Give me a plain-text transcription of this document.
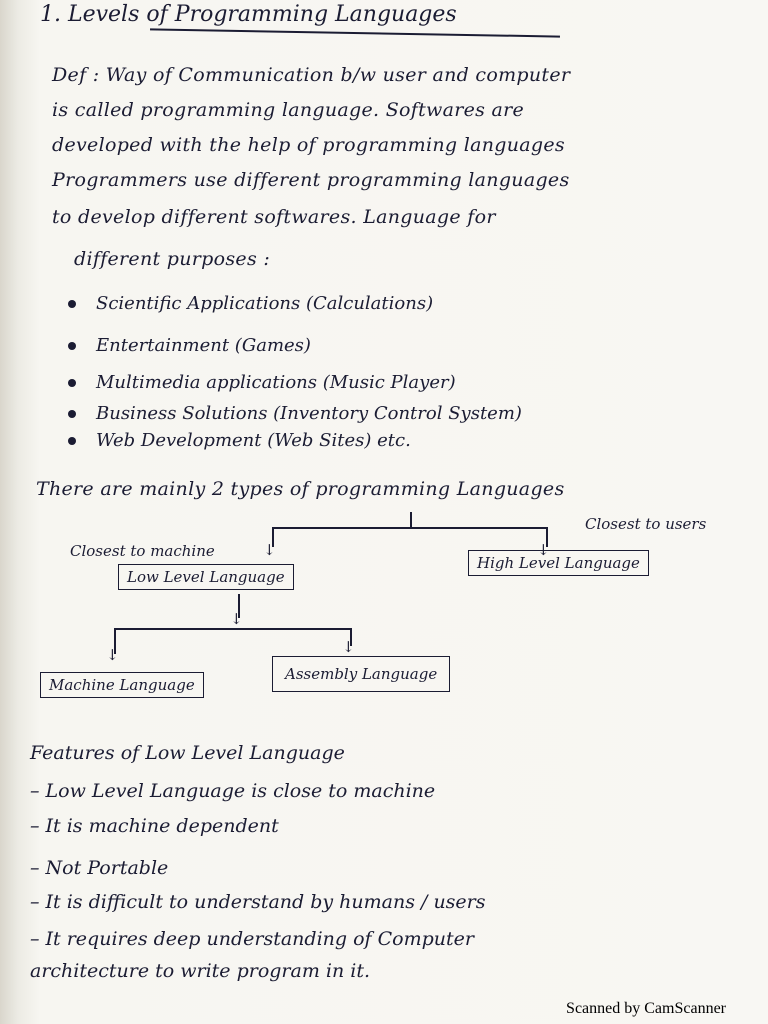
1. Levels of Programming Languages
Def : Way of Communication b/w user and computer
is called programming language. Softwares are
developed with the help of programming languages
Programmers use different programming languages
to develop different softwares. Language for
different purposes :
Scientific Applications (Calculations)
Entertainment (Games)
Multimedia applications (Music Player)
Business Solutions (Inventory Control System)
Web Development (Web Sites) etc.
There are mainly 2 types of programming Languages
↓	↓
Closest to machine
Closest to users
Low Level Language
High Level Language
↓
↓	↓
Machine Language
Assembly Language
Features of Low Level Language
– Low Level Language is close to machine
– It is machine dependent
– Not Portable
– It is difficult to understand by humans / users
– It requires deep understanding of Computer
architecture to write program in it.
Scanned by CamScanner
